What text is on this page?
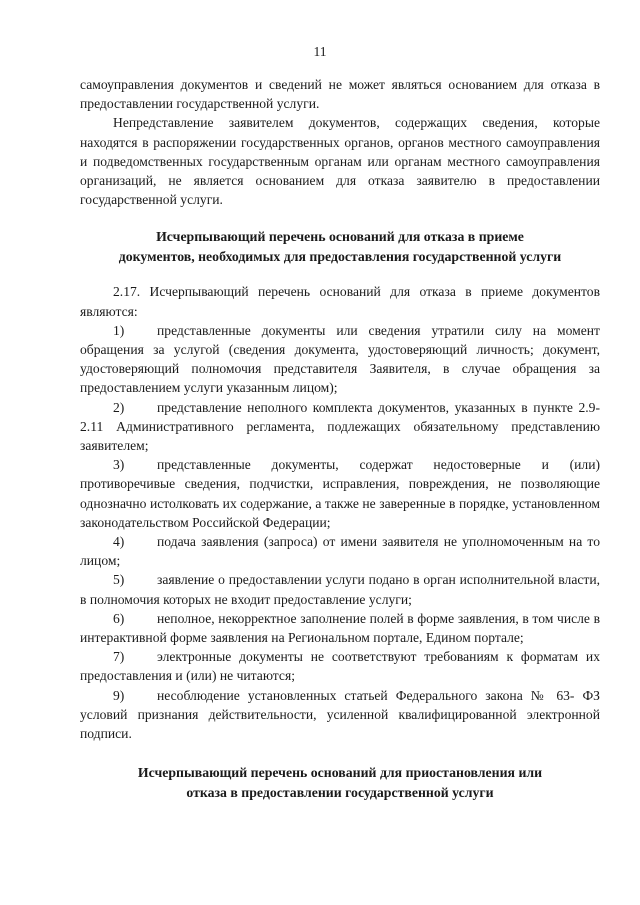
11

самоуправления документов и сведений не может являться основанием для отказа в предоставлении государственной услуги.

Непредставление заявителем документов, содержащих сведения, которые находятся в распоряжении государственных органов, органов местного самоуправления и подведомственных государственным органам или органам местного самоуправления организаций, не является основанием для отказа заявителю в предоставлении государственной услуги.

Исчерпывающий перечень оснований для отказа в приеме
документов, необходимых для предоставления государственной услуги

2.17. Исчерпывающий перечень оснований для отказа в приеме документов являются:

1) представленные документы или сведения утратили силу на момент обращения за услугой (сведения документа, удостоверяющий личность; документ, удостоверяющий полномочия представителя Заявителя, в случае обращения за предоставлением услуги указанным лицом);

2) представление неполного комплекта документов, указанных в пункте 2.9-2.11 Административного регламента, подлежащих обязательному представлению заявителем;

3) представленные документы, содержат недостоверные и (или) противоречивые сведения, подчистки, исправления, повреждения, не позволяющие однозначно истолковать их содержание, а также не заверенные в порядке, установленном законодательством Российской Федерации;

4) подача заявления (запроса) от имени заявителя не уполномоченным на то лицом;

5) заявление о предоставлении услуги подано в орган исполнительной власти, в полномочия которых не входит предоставление услуги;

6) неполное, некорректное заполнение полей в форме заявления, в том числе в интерактивной форме заявления на Региональном портале, Едином портале;

7) электронные документы не соответствуют требованиям к форматам их предоставления и (или) не читаются;

9) несоблюдение установленных статьей Федерального закона № 63- ФЗ условий признания действительности, усиленной квалифицированной электронной подписи.

Исчерпывающий перечень оснований для приостановления или
отказа в предоставлении государственной услуги
